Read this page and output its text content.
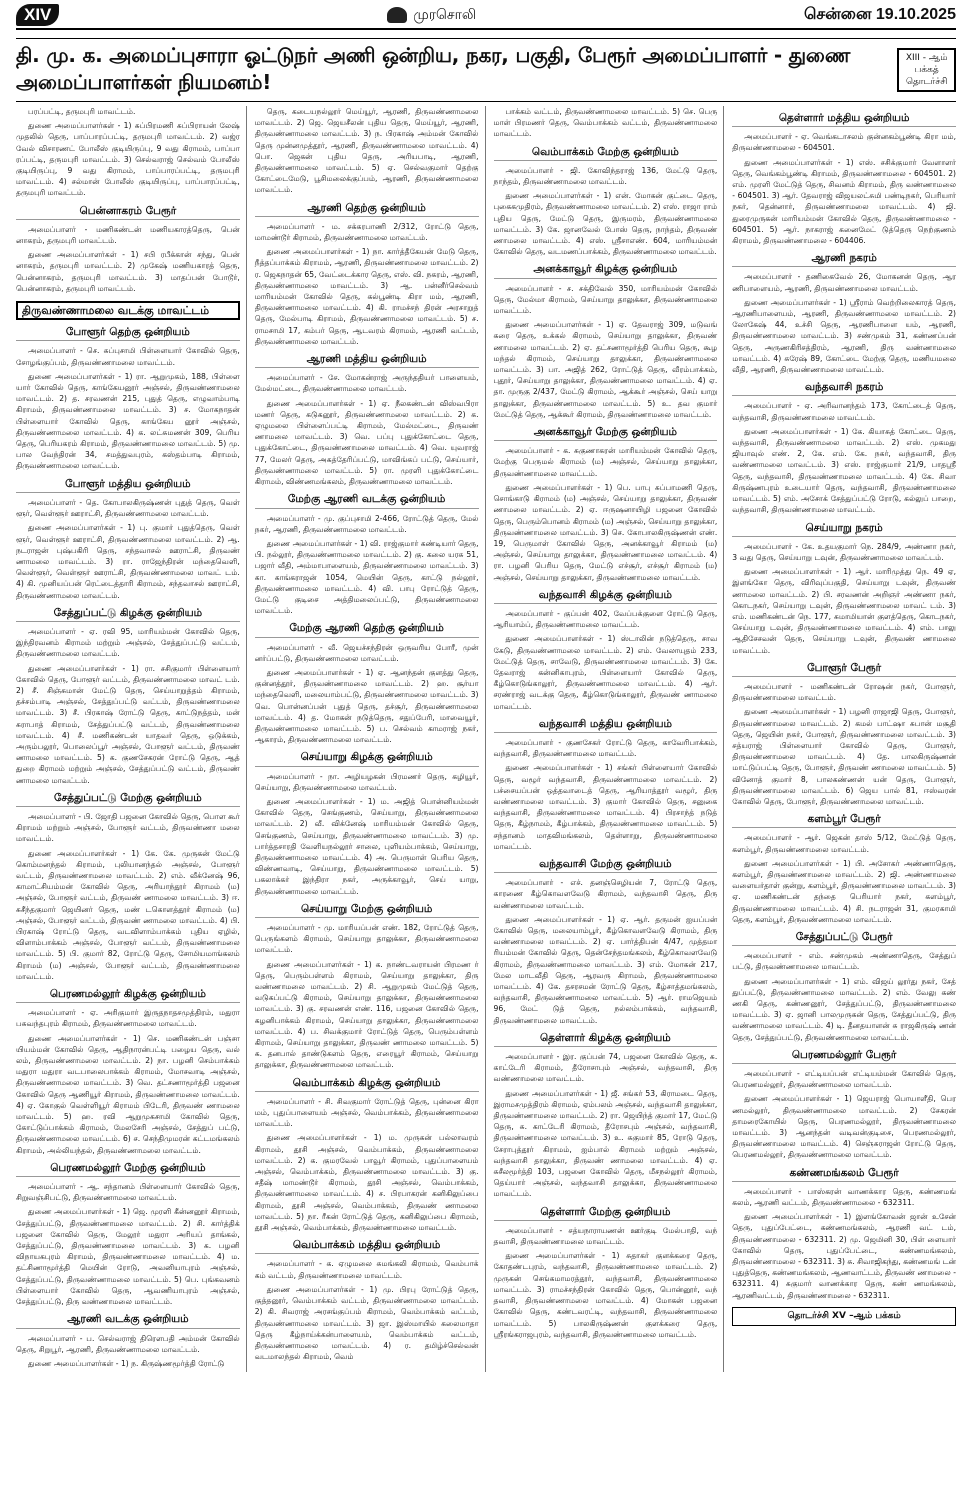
XIV	முரசொலி	சென்னை 19.10.2025
தி. மு. க. அமைப்புசாரா ஓட்டுநர் அணி ஒன்றிய, நகர, பகுதி, பேரூர் அமைப்பாளர் - துணை அமைப்பாளர்கள் நியமனம்!
XIII - ஆம் பக்கத் தொடர்ச்சி

பரப்பட்டி, தருமபுரி மாவட்டம்.

துணை அமைப்பாளர்கள் - 1) சுப்பிரமணி சுப்பிராயன் லேஷ் முதலில் தெரு, பாப்பாரப்பட்டி, தருமபுரி மாவட்டம். 2) வஜ்ர வேல் விசாரணட் போலீஸ் குடியிருப்பு, 9 வது கிராமம், பாப்பா ரப்பட்டி, தருமபுரி மாவட்டம். 3) செல்வராஜ் செல்வம் போலீஸ் குடியிருப்பு, 9 வது கிராமம், பாப்பாரப்பட்டி, தருமபுரி மாவட்டம். 4) சல்மான் போலீஸ் குடியிருப்பு, பாப்பாரப்பட்டி, தருமபுரி மாவட்டம்.

பென்னாகரம் பேரூர்

அமைப்பாளர் - மணிகண்டன் மணியகாரத்தெரு, பென் னாகரம், தருமபுரி மாவட்டம்.

துணை அமைப்பாளர்கள் - 1) சபி ரபீக்கான் சந்து, பென் னாகரம், தருமபுரி மாவட்டம். 2) முகேஷ் மணியகாரத் தெரு, பென்னாகரம், தருமபுரி மாவட்டம். 3) மாதப்பன் போடூர், பென்னாகரம், தருமபுரி மாவட்டம்.

திருவண்ணாமலை வடக்கு மாவட்டம்
போளூர் தெற்கு ஒன்றியம்

அமைப்பாளர் - செ. சுப்புசாமி பிள்ளையார் கோவில் தெரு, சோழங்குப்பம், திருவண்ணாமலை மாவட்டம்.

துணை அமைப்பாளர்கள் - 1) ரா. ஆறுமுகம், 188, பிள்ளை யார் கோவில் தெரு, காங்கேயனூர் அஞ்சல், திருவண்ணாமலை மாவட்டம். 2) த. சரவணன் 215, புதுத் தெரு, எழுவாம்பாடி கிராமம், திருவண்ணாமலை மாவட்டம். 3) ச. மோகநாதன் பிள்ளையார் கோவில் தெரு, காங்கேய னூர் அஞ்சல், திருவண்ணாமலை மாவட்டம். 4) க. லட்சுமணன் 309, பெரிய தெரு, பெரியகரம் கிராமம், திருவண்ணாமலை மாவட்டம். 5) மு. பால வேந்திரன் 34, சமத்துவபுரம், கஸ்தம்பாடி கிராமம், திருவண்ணாமலை மாவட்டம்.

போளூர் மத்திய ஒன்றியம்

அமைப்பாளர் - தெ. கோபாலகிருஷ்ணன் புதுத் தெரு, வெள் ளூர், வெள்ளூர் ஊராட்சி, திருவண்ணாமலை மாவட்டம்.

துணை அமைப்பாளர்கள் - 1) பு. குமார் புதுத்தெரு, வெள் ளூர், வெள்ளூர் ஊராட்சி, திருவண்ணாமலை மாவட்டம். 2) ஆ. நடராஜன் புஷ்பகிரி தெரு, சந்தவாசல் ஊராட்சி, திருவண் ணாமலை மாவட்டம். 3) ரா. ராஜேந்திரன் மந்தைவெளி, வெள்ளூர், வெள்ளூர் ஊராட்சி, திருவண்ணாமலை மாவட் டம். 4) கி. முனியப்பன் ரெட்டைத்தாரி கிராமம், சந்தவாசல் ஊராட்சி, திருவண்ணாமலை மாவட்டம்.

சேத்துப்பட்டு கிழக்கு ஒன்றியம்

அமைப்பாளர் - ஏ. ரவி 95, மாரியம்மன் கோவில் தெரு, இந்திரவனம் கிராமம் மற்றும் அஞ்சல், சேத்துப்பட்டு வட்டம், திருவண்ணாமலை மாவட்டம்.

துணை அமைப்பாளர்கள் - 1) ரா. சசிகுமார் பிள்ளையார் கோவில் தெரு, போளூர் வட்டம், திருவண்ணாமலை மாவட் டம். 2) சீ. சிஞ்சுமான் மேட்டு தெரு, செய்யாறுத்தம் கிராமம், தச்சம்பாடி அஞ்சல், சேத்துப்பட்டு வட்டம், திருவண்ணாமலை மாவட்டம். 3) சீ. பிரகாஷ் ரோட்டு தெரு, காட்டுநத்தம், மன் சுராபாத் கிராமம், சேத்துப்பட்டு வட்டம், திருவண்ணாமலை மாவட்டம். 4) சீ. மணிகண்டன் யாதவர் தெரு, ஒடுக்கம், அரும்பலூர், பொலைப்பூர் அஞ்சல், போளூர் வட்டம், திருவண் ணாமலை மாவட்டம். 5) க. குணசேகரன் ரோட்டு தெரு, ஆத் துறை கிராமம் மற்றும் அஞ்சல், சேத்துப்பட்டு வட்டம், திருவண் ணாமலை மாவட்டம்.

சேத்துப்பட்டு மேற்கு ஒன்றியம்

அமைப்பாளர் - பி. ஜோதி பஜனை கோவில் தெரு, பொள கூர் கிராமம் மற்றும் அஞ்சல், போளூர் வட்டம், திருவண்ணா மலை மாவட்டம்.

துணை அமைப்பாளர்கள் - 1) கே. கே. முருகன் மேட்டு கொம்மனந்தல் கிராமம், புலியானந்தல் அஞ்சல், போளூர் வட்டம், திருவண்ணாமலை மாவட்டம். 2) எம். வீக்னேஷ் 96, காமாட்சியம்மன் கோவில் தெரு, அரியாந்தூர் கிராமம் (ம) அஞ்சல், போளூர் வட்டம், திருவண் ணாமலை மாவட்டம். 3) ஈ. சுசீந்தகுமார் ஜெயினர் தெரு, மண் டகொளத்தூர் கிராமம் (ம) அஞ்சல், போளூர் வட்டம், திருவண் ணாமலை மாவட்டம். 4) பி. பிரகாஷ் ரோட்டு தெரு, வடவிளாம்பாக்கம் புதிய ஏழில், விளாம்பாக்கம் அஞ்சல், போளூர் வட்டம், திருவண்ணாமலை மாவட்டம். 5) பி. குமார் 82, ரோட்டு தெரு, சோமியமாங்கலம் கிராமம் (ம) அஞ்சல், போளூர் வட்டம், திருவண்ணாமலை மாவட்டம்.

பெரணமல்லூர் கிழக்கு ஒன்றியம்

அமைப்பாளர் - ஏ. அரிகுமார் இருதநாதசமுத்திரம், மதுரா பசுவந்தபுரம் கிராமம், திருவண்ணாமலை மாவட்டம்.

துணை அமைப்பாளர்கள் - 1) செ. மணிகண்டன் பஞ்சா யியம்மன் கோவில் தெரு, ஆதிநாரன்பட்டி பழைய தெரு, வல் லம், திருவண்ணாமலை மாவட்டம். 2) நா. பழனி செம்பாக்கம் மதுரா மதுரா வடபாலைபாக்கம் கிராமம், மோசவாடி அஞ்சல், திருவண்ணாமலை மாவட்டம். 3) வெ. தட்சணாமூர்த்தி பஜனை கோவில் தெரு ஆணியூர் கிராமம், திருவண்ணாமலை மாவட்டம். 4) ஏ. கோகுல் வெள்ளியூர் கிராமம் பிடேரி, திருவண் ணாமலை மாவட்டம். 5) ஹ. ரவி ஆறுமுகசாமி கோவில் தெரு, கோட்டுப்பாக்கம் கிராமம், மேலசேரி அஞ்சல், சேத்துப் பட்டு, திருவண்ணாமலை மாவட்டம். 6) ச. செந்திமுமரன் கட்டமங்கலம் கிராமம், அல்லியந்தல், திருவண்ணாமலை மாவட்டம்.

பெரணமல்லூர் மேற்கு ஒன்றியம்

அமைப்பாளர் - ஆ. சந்தானம் பிள்ளையார் கோவில் தெரு, சிறுவஞ்சிபட்டு, திருவண்ணாமலை மாவட்டம்.

துணை அமைப்பாளர்கள் - 1) ஜெ. முரளி கீன்னனூர் கிராமம், சேத்துப்பட்டு, திருவண்ணாமலை மாவட்டம். 2) சி. கார்த்திக் பஜனை கோவில் தெரு, மேலூர் மதுரா அரியப் தாங்கல், சேத்துப்பட்டு, திருவண்ணாமலை மாவட்டம். 3) க. பழனி விநாயகபுரம் கிராமம், திருவண்ணாமலை மாவட்டம். 4) ம. தட்சிணாமூர்த்தி மெயின் ரோடு, அவனியாபுரம் அஞ்சல், சேத்துப்பட்டு, திருவண்ணாமலை மாவட்டம். 5) பெ. புங்கவனம் பிள்ளையார் கோவில் தெரு, ஆவணியாபுரம் அஞ்சல், சேத்துப்பட்டு, திரு வண்ணாமலை மாவட்டம்.

ஆரணி வடக்கு ஒன்றியம்

அமைப்பாளர் - ப. செல்வராஜ் திரௌபதி அம்மன் கோவில் தெரு, சிறுபூர், ஆரணி, திருவண்ணாமலை மாவட்டம்.

துணை அமைப்பாளர்கள் - 1) ந. கிருஷ்ணமூர்த்தி ரோட்டு

தெரு, கடையநல்லூர் மெய்யூர், ஆரணி, திருவண்ணாமலை மாவட்டம். 2) ஜெ. ஜெயசீலன் புதிய தெரு, மெய்யூர், ஆரணி, திருவண்ணாமலை மாவட்டம். 3) ந. பிரகாஷ் அம்மன் கோவில் தெரு முன்னமுத்தூர், ஆரணி, திருவண்ணாமலை மாவட்டம். 4) பொ. ஜெகன் புதிய தெரு, அரியபாடி, ஆரணி, திருவண்ணாமலை மாவட்டம். 5) ஏ. செல்வகுமார் தெற்கு கோட்டைமேடு, பூசிமலைக்குப்பம், ஆரணி, திருவண்ணாமலை மாவட்டம்.

ஆரணி தெற்கு ஒன்றியம்

அமைப்பாளர் - ம. சக்கரபாணி 2/312, ரோட்டு தெரு, மாமண்டூர் கிராமம், திருவண்ணாமலை மாவட்டம்.

துணை அமைப்பாளர்கள் - 1) நா. கார்த்தீகேயன் மேடு தெரு, நீத்தப்பாக்கம் கிராமம், ஆரணி, திருவண்ணாமலை மாவட்டம். 2) ர. ஜெகநாதன் 65, வேட்டைக்கார தெரு, எஸ். வி. நகரம், ஆரணி, திருவண்ணாமலை மாவட்டம். 3) ஆ. பன்னீர்செல்வம் மாரியம்மன் கோவில் தெரு, கல்பூண்டி கிரா மம், ஆரணி, திருவண்ணாமலை மாவட்டம். 4) கி. ராமச்சந் திரன் அரசாறுத் தெரு, மேல்பாடி கிராமம், திருவண்ணாமலை மாவட்டம். 5) ச. ராமசாமி 17, கம்பர் தெரு, ஆடவரம் கிராமம், ஆரணி வட்டம், திருவண்ணாமலை மாவட்டம்.

ஆரணி மத்திய ஒன்றியம்

அமைப்பாளர் - சே. மோகன்ராஜ் அருந்ததியர் பாளையம், மேல்மட்டை, திருவண்ணாமலை மாவட்டம்.

துணை அமைப்பாளர்கள் - 1) ஏ. நீலகண்டன் விஸ்வபிரா மணர் தெரு, கடுகனூர், திருவண்ணாமலை மாவட்டம். 2) க. ஏழுமலை பிள்ளைப்பட்டி கிராமம், மேல்மட்டை, திருவண் ணாமலை மாவட்டம். 3) வெ. பப்பு புதுக்கோட்டை தெரு, புதுக்கோட்டை, திருவண்ணாமலை மாவட்டம். 4) வெ. யுவராஜ் 77, மேலர் தெரு, அகத்தேரிப்பட்டு, மாவிங்கப் பட்டு, செய்யார், திருவண்ணாமலை மாவட்டம். 5) ரா. முரளி புதுக்கோட்டை கிராமம், விண்ணமங்கலம், திருவண்ணாமலை மாவட்டம்.

மேற்கு ஆரணி வடக்கு ஒன்றியம்

அமைப்பாளர் - மு. குப்புசாமி 2-466, ரோட்டுத் தெரு, மேல் நகர், ஆரணி, திருவண்ணாமலை மாவட்டம்.

துணை அமைப்பாளர்கள் - 1) வி. ராஜ்குமார் கண்டியார் தெரு, பி. நல்லூர், திருவண்ணாமலை மாவட்டம். 2) கு. கலை யரசு 51, பஜார் வீதி, அம்மாபாளையம், திருவண்ணாமலை மாவட்டம். 3) கா. காங்கராஜன் 1054, மெயின் தெரு, காட்டு நல்லூர், திருவண்ணாமலை மாவட்டம். 4) வி. பாபு ரோட்டுத் தெரு, மேட்டு குடிசை அத்திமலைப்பட்டு, திருவண்ணாமலை மாவட்டம்.

மேற்கு ஆரணி தெற்கு ஒன்றியம்

அமைப்பாளர் - வீ. ஜெயச்சந்திரன் ஒருவரிய போரீ, முன் னர்ப்பட்டு, திருவண்ணாமலை மாவட்டம்.

துணை அமைப்பாளர்கள் - 1) ஏ. ஆனந்தன் குளத்து தெரு, குன்னத்தூர், திருவண்ணாமலை மாவட்டம். 2) ஹ. சூர்யா மந்தைவெளி, மலையாம்பட்டு, திருவண்ணாமலை மாவட்டம். 3) வெ. பொன்னப்பன் புதுத் தெரு, தச்சூர், திருவண்ணாமலை மாவட்டம். 4) த. மோகன் நடுத்தெரு, சதுப்பேரி, மாவையூர், திருவண்ணாமலை மாவட்டம். 5) ப. செல்வம் காமராஜ் நகர், ஆகாரம், திருவண்ணாமலை மாவட்டம்.

செய்யாறு கிழக்கு ஒன்றியம்

அமைப்பாளர் - நா. அழியழகன் பிரமணர் தெரு, கழியூர், செய்யாறு, திருவண்ணாமலை மாவட்டம்.

துணை அமைப்பாளர்கள் - 1) ம. அஜித் பொன்னியம்மன் கோவில் தெரு, செங்குணம், செய்யாறு, திருவண்ணாமலை மாவட்டம். 2) வீ. விக்னேஷ் மாரியம்மன் கோவில் தெரு, செங்குணம், செய்யாறு, திருவண்ணாமலை மாவட்டம். 3) மு. பார்த்தசாரதி வேளியநல்லூர் சாலை, புளியம்பாக்கம், செய்யாறு, திருவண்ணாமலை மாவட்டம். 4) அ. பெருமாள் பெரிய தெரு, விண்ணவாடி, செய்யாறு, திருவண்ணாமலை மாவட்டம். 5) பகலாக்கர் இந்திரா நகர், அருக்காவூர், செய் யாறு, திருவண்ணாமலை மாவட்டம்.

செய்யாறு மேற்கு ஒன்றியம்

அமைப்பாளர் - மு. மாரியப்பன் எண். 182, ரோட்டுத் தெரு, பெருங்களம் கிராமம், செய்யாறு தாலுக்கா, திருவண்ணாமலை மாவட்டம்.

துணை அமைப்பாளர்கள் - 1) க. நாண்டவராயன் பிரமண ர் தெரு, பெரும்பள்ளம் கிராமம், செய்யாறு தாலுக்கா, திரு வண்ணாமலை மாவட்டம். 2) சி. ஆறுமுகம் மேட்டுத் தெரு, வடுகப்பட்டு கிராமம், செய்யாறு தாலுக்கா, திருவண்ணாமலை மாவட்டம். 3) கு. சரவணன் எண். 116, பஜனை கோவில் தெரு, கழனிபாக்கம் கிராமம், செய்யாறு தாலுக்கா, திருவண்ணாமலை மாவட்டம். 4) ப. சிவக்குமார் ரோட்டுத் தெரு, பெரும்பள்ளம் கிராமம், செய்யாறு தாலுக்கா, திருவண் ணாமலை மாவட்டம். 5) க. தனபால் தாண்டுகளம் தெரு, எரையூர் கிராமம், செய்யாறு தாலுக்கா, திருவண்ணாமலை மாவட்டம்.

வெம்பாக்கம் கிழக்கு ஒன்றியம்

அமைப்பாளர் - சி. சிவகுமார் ரோட்டுத் தெரு, புன்னை கிரா மம், புதுப்பாளையம் அஞ்சல், வெம்பாக்கம், திருவண்ணாமலை மாவட்டம்.

துணை அமைப்பாளர்கள் - 1) ம. முருகன் பல்லாவரம் கிராமம், தூசி அஞ்சல், வெம்பாக்கம், திருவண்ணாமலை மாவட்டம். 2) க. குமரவேல் பாவூர் கிராமம், புதுப்பாளையம் அஞ்சல், வெம்பாக்கம், திருவண்ணாமலை மாவட்டம். 3) கு. சதீஷ் மாமண்டூர் கிராமம், தூசி அஞ்சல், வெம்பாக்கம், திருவண்ணாமலை மாவட்டம். 4) ச. பிரபாகரன் கனிகிலுப்பை கிராமம், தூசி அஞ்சல், வெம்பாக்கம், திருவண் ணாமலை மாவட்டம். 5) நா. ரீகன் ரோட்டுத் தெரு, கனிகிலுப்பை கிராமம், தூசி அஞ்சல், வெம்பாக்கம், திருவண்ணாமலை மாவட்டம்.

வெம்பாக்கம் மத்திய ஒன்றியம்

அமைப்பாளர் - க. ஏழுமலை சுமங்கலி கிராமம், வெம்பாக் கம் வட்டம், திருவண்ணாமலை மாவட்டம்.

துணை அமைப்பாளர்கள் - 1) மு. பிரபு ரோட்டுத் தெரு, குத்தனூர், வெம்பாக்கம் வட்டம், திருவண்ணாமலை மாவட்டம். 2) கி. சிவராஜ் அரசங்குப்பம் கிராமம், வெம்பாக்கம் வட்டம், திருவண்ணாமலை மாவட்டம். 3) ஜா. இஸ்மாயில் கலைமாதா தெரு கீழ்நாய்க்கன்பாளையம், வெம்பாக்கம் வட்டம், திருவண்ணாமலை மாவட்டம். 4) ர. தமிழ்ச்செல்வன் வடமாலந்தல் கிராமம், வெம்

பாக்கம் வட்டம், திருவண்ணாமலை மாவட்டம். 5) செ. பெரு மாள் பிரமணர் தெரு, வெம்பாக்கம் வட்டம், திருவண்ணாமலை மாவட்டம்.

வெம்பாக்கம் மேற்கு ஒன்றியம்

அமைப்பாளர் - ஜி. கோவிந்தராஜ் 136, மேட்டு தெரு, நாந்தம், திருவண்ணாமலை மாவட்டம்.

துணை அமைப்பாளர்கள் - 1) என். மோகன் குட்டை தெரு, புகைகமுதிரம், திருவண்ணாமலை மாவட்டம். 2) எஸ். ராஜா ராம் புதிய தெரு, மேட்டு தெரு, இருமரம், திருவண்ணாமலை மாவட்டம். 3) கே. ஜானவேல் போஸ் தெரு, நாந்தம், திருவண் ணாமலை மாவட்டம். 4) எஸ். ஸ்ரீசாஎண். 604, மாரியம்மன் கோவில் தெரு, வடமணப்பாக்கம், திருவண்ணாமலை மாவட்டம்.

அனக்காவூர் கிழக்கு ஒன்றியம்

அமைப்பாளர் - ச. சக்திவேல் 350, மாரியம்மன் கோவில் தெரு, மேல்மா கிராமம், செய்யாறு தாலுக்கா, திருவண்ணாமலை மாவட்டம்.

துணை அமைப்பாளர்கள் - 1) ஏ. தேவராஜ் 309, மடுவங் கரை தெரு, உக்கல் கிராமம், செய்யாறு தாலுக்கா, திருவண் ணாமலை மாவட்டம். 2) ஏ. தட்சணாமூர்த்தி பெரிய தெரு, கூழ மந்தல் கிராமம், செய்யாறு தாலுக்கா, திருவண்ணாமலை மாவட்டம். 3) பா. அஜித் 262, ரோட்டுத் தெரு, வீரம்பாக்கம், புதூர், செய்யாறு தாலுக்கா, திருவண்ணாமலை மாவட்டம். 4) ஏ. தா. முருகு 2/437, மேட்டு கிராமம், ஆக்கூர் அஞ்சல், செய் யாறு தாலுக்கா, திருவண்ணாமலை மாவட்டம். 5) உ. தவ குமார் மேட்டுத் தெரு, ஆக்கூர் கிராமம், திருவண்ணாமலை மாவட்டம்.

அனக்காவூர் மேற்கு ஒன்றியம்

அமைப்பாளர் - க. சுகுணாகரன் மாரியம்மன் கோவில் தெரு, மேற்கு பெருமல் கிராமம் (ம) அஞ்சல், செய்யாறு தாலுக்கா, திருவண்ணாமலை மாவட்டம்.

துணை அமைப்பாளர்கள் - 1) பெ. பாபு சுப்பாமணி தெரு, சொங்காடு கிராமம் (ம) அஞ்சல், செய்யாறு தாலுக்கா, திருவண் ணாமலை மாவட்டம். 2) ஏ. ஈருஷனாயிழி பஜனை கோவில் தெரு, பெரும்பொனம் கிராமம் (ம) அஞ்சல், செய்யாறு தாலுக்கா, திருவண்ணாமலை மாவட்டம். 3) செ. கோபாலகிருஷ்ணன் எண். 19, பெருமாள் கோவில் தெரு, அனக்காவூர் கிராமம் (ம) அஞ்சல், செய்யாறு தாலுக்கா, திருவண்ணாமலை மாவட்டம். 4) ரா. பழனி பெரிய தெரு, மேட்டு எச்சூர், எச்சூர் கிராமம் (ம) அஞ்சல், செய்யாறு தாலுக்கா, திருவண்ணாமலை மாவட்டம்.

வந்தவாசி கிழக்கு ஒன்றியம்

அமைப்பாளர் - குப்பன் 402, வேப்பக்குளை ரோட்டு தெரு, ஆரியாம்ப், திருவண்ணாமலை மாவட்டம்.

துணை அமைப்பாளர்கள் - 1) ஸ்டாலின் நடுத்தெரு, சாவ கேடு, திருவண்ணாமலை மாவட்டம். 2) எம். வேலாயுதம் 233, மேட்டுத் தெரு, சாவேடு, திருவண்ணாமலை மாவட்டம். 3) கே. தேவராஜ் கன்னிகாபுரம், பிள்ளையார் கோவில் தெரு, கீழ்கொடுங்காலூர், திருவண்ணாமலை மாவட்டம். 4) ஆர். சரண்ராஜ் வடக்கு தெரு, கீழ்கொடுங்காலூர், திருவண் ணாமலை மாவட்டம்.

வந்தவாசி மத்திய ஒன்றியம்

அமைப்பாளர் - குணசேகர் ரோட்டு தெரு, காவேரிபாக்கம், வந்தவாசி, திருவண்ணாமலை மாவட்டம்.

துணை அமைப்பாளர்கள் - 1) சங்கர் பிள்ளையார் கோவில் தெரு, வழூர் வந்தவாசி, திருவண்ணாமலை மாவட்டம். 2) பச்சையப்பன் ஒத்தவாடைத் தெரு, ஆரியாத்தூர் வழூர், திரு வண்ணாமலை மாவட்டம். 3) குமார் கோவில் தெரு, சனுகை வந்தவாசி, திருவண்ணாமலை மாவட்டம். 4) பிரசாந்த் நடுத் தெரு, கீழ்நாமம், கீழ்பாக்கம், திருவண்ணாமலை மாவட்டம். 5) சந்தானம் மாதவிமங்கலம், தெள்ளாறு, திருவண்ணாமலை மாவட்டம்.

வந்தவாசி மேற்கு ஒன்றியம்

அமைப்பாளர் - எச். தனஞ்செழியன் 7, ரோட்டு தெரு, காரணை கீழ்கொவளவேடு கிராமம், வந்தவாசி தெரு, திரு வண்ணாமலை மாவட்டம்.

துணை அமைப்பாளர்கள் - 1) ஏ. ஆர். தருமன் ஐயப்பன் கோவில் தெரு, மலையாம்பூர், கீழ்கொவளவேடு கிராமம், திரு வண்ணாமலை மாவட்டம். 2) ஏ. பார்த்திபன் 4/47, முத்தமா ரியம்மன் கோவில் தெரு, தென்சேந்தமங்கலம், கீழ்கொவளவேடு கிராமம், திருவண்ணாமலை மாவட்டம். 3) எம். மோகன் 217, மேல மாடவீதி தெரு, ஆரவரு கிராமம், திருவண்ணாமலை மாவட்டம். 4) கே. தசரசமன் ரோட்டு தெரு, கீழ்சாத்தமங்கலம், வந்தவாசி, திருவண்ணாமலை மாவட்டம். 5) ஆர். ராமஜெயம் 96, மேட் டுத் தெரு, நல்லம்பாக்கம், வந்தவாசி, திருவண்ணாமலை மாவட்டம்.

தெள்ளார் கிழக்கு ஒன்றியம்

அமைப்பாளர் - இர. குப்பன் 74, பஜனை கோவில் தெரு, சு. காட்டேரி கிராமம், தீரோசாபும் அஞ்சல், வந்தவாசி, திரு வண்ணாமலை மாவட்டம்.

துணை அமைப்பாளர்கள் - 1) ஜீ. சங்கர் 53, கிராமடை தெரு, இராமசமுத்திரம் கிராமம், ஏம்பலம் அஞ்சல், வந்தவாசி தாலுக்கா, திருவண்ணாமலை மாவட்டம். 2) ரா. ஜெயிந்த் குமார் 17, மேட்டு தெரு, சு. காட்டேரி கிராமம், தீரோசபும் அஞ்சல், வந்தவாசி, திருவண்ணாமலை மாவட்டம். 3) உ. சுகுமார் 85, ரோடு தெரு, சேராபுத்தூர் கிராமம், ஐம்பால் கிராமம் மற்றும் அஞ்சல், வந்தவாசி தாலுக்கா, திருவண் ணாமலை மாவட்டம். 4) ஏ. சுசீலமூர்த்தி 103, பஜனை கோவில் தெரு, மீசநல்லூர் கிராமம், தெய்யார் அஞ்சல், வந்தவாசி தாலுக்கா, திருவண்ணாமலை மாவட்டம்.

தெள்ளார் மேற்கு ஒன்றியம்

அமைப்பாளர் - சத்யநாராயணன் ஊர்குடி மேல்பாதி, வந் தவாசி, திருவண்ணாமலை மாவட்டம்.

துணை அமைப்பாளர்கள் - 1) சுதாகர் குளக்கரை தெரு, கோதண்டபுரம், வந்தவாசி, திருவண்ணாமலை மாவட்டம். 2) முருகன் செங்கமாமரத்தூர், வந்தவாசி, திருவண்ணாமலை மாவட்டம். 3) ராமச்சந்திரன் கோவில் தெரு, பொன்னூர், வந் தவாசி, திருவண்ணாமலை மாவட்டம். 4) மோகன் பஜனை கோவில் தெரு, கண்டவரட்டி, வந்தவாசி, திருவண்ணாமலை மாவட்டம். 5) பாலகிருஷ்ணன் குளக்கரை தெரு, ஸ்ரீரங்கராஜபுரம், வந்தவாசி, திருவண்ணாமலை மாவட்டம்.

தெள்ளார் மத்திய ஒன்றியம்

அமைப்பாளர் - ஏ. வெங்கடாசலம் குன்னகம்பூண்டி கிரா மம், திருவண்ணாமலை - 604501.

துணை அமைப்பாளர்கள் - 1) எஸ். சசிக்குமார் வேளாளர் தெரு, வெங்கம்பூண்டி கிராமம், திருவண்ணாமலை - 604501. 2) எம். முரளி மேட்டுத் தெரு, சிவனம் கிராமம், திரு வண்ணாமலை - 604501. 3) ஆர். தேவராஜ் விஜயலட்சுமி பண்டிநகர், பெரியார் நகர், தென்னார், திருவண்ணாமலை மாவட்டம். 4) ஜி. துரைமுருகன் மாரியம்மன் கோவில் தெரு, திருவண்ணாமலை - 604501. 5) ஆர். நாகராஜ் கனைமேட் டுத்தெரு நெற்குணம் கிராமம், திருவண்ணாமலை - 604406.

ஆரணி நகரம்

அமைப்பாளர் - தணிகைவேல் 26, மோகனன் தெரு, ஆர ணிபாளையம், ஆரணி, திருவண்ணாமலை மாவட்டம்.

துணை அமைப்பாளர்கள் - 1) ஸ்ரீராம் வெற்றிலைகாரத் தெரு, ஆரணிபாளையம், ஆரணி, திருவண்ணாமலை மாவட்டம். 2) லோகேஷ் 44, உச்சி தெரு, ஆரணிபாளை யம், ஆரணி, திருவண்ணாமலை மாவட்டம். 3) சண்முகம் 31, கண்ணப்பன் தெரு, அருணகிரிசத்திரம், ஆரணி, திரு வண்ணாமலை மாவட்டம். 4) சுரேஷ் 89, கோட்டை மேற்கு தெரு, மணியமலை வீதி, ஆரணி, திருவண்ணாமலை மாவட்டம்.

வந்தவாசி நகரம்

அமைப்பாளர் - ஏ. அரிவானந்தம் 173, கோட்டைத் தெரு, வந்தவாசி, திருவண்ணாமலை மாவட்டம்.

துணை அமைப்பாளர்கள் - 1) கே. கியாசுத் கோட்டை தெரு, வந்தவாசி, திருவண்ணாமலை மாவட்டம். 2) எஸ். முகமது ஜியாவுல் எண். 2, கே. எம். கே. நகர், வந்தவாசி, திரு வண்ணாமலை மாவட்டம். 3) எஸ். ராஜ்குமார் 21/9, பாதஸ்ரீ தெரு, வந்தவாசி, திருவண்ணாமலை மாவட்டம். 4) கே. சிவா கிருஷ்ணபுரம் உடையார் தெரு, வந்தவாசி, திருவண்ணாமலை மாவட்டம். 5) எம். அசோக் சேத்துப்பட்டு ரோடு, கல்லுப் பாறை, வந்தவாசி, திருவண்ணாமலை மாவட்டம்.

செய்யாறு நகரம்

அமைப்பாளர் - கே. உதயகுமார் நெ. 284/9, அண்ணா நகர், 3 வது தெரு, செய்யாறு டவுன், திருவண்ணாமலை மாவட்டம்.

துணை அமைப்பாளர்கள் - 1) ஆர். மாரிமுத்து நெ. 49 ஏ, இளங்கோ தெரு, விரிவுப்பகுதி, செய்யாறு டவுன், திருவண் ணாமலை மாவட்டம். 2) பி. சரவணன் அறிஞர் அண்ணா நகர், கொடநகர், செய்யாறு டவுன், திருவண்ணாமலை மாவட் டம். 3) எம். மணிகண்டன் நெ. 177, சுமாமியான் குளத்தெரு, கொடநகர், செய்யாறு டவுன், திருவண்ணாமலை மாவட்டம். 4) எம். பாலு ஆதிசேசவன் தெரு, செய்யாறு டவுன், திருவண் ணாமலை மாவட்டம்.

போளூர் பேரூர்

அமைப்பாளர் - மணிகண்டன் ரோஷன் நகர், போளூர், திருவண்ணாமலை மாவட்டம்.

துணை அமைப்பாளர்கள் - 1) பழனி ராஜாஜி தெரு, போளூர், திருவண்ணாமலை மாவட்டம். 2) கமல் பாட்ஷா சுபான் மசூதி தெரு, ஜெயின் நகர், போளூர், திருவண்ணாமலை மாவட்டம். 3) சத்யராஜ் பிள்ளையார் கோவில் தெரு, போளூர், திருவண்ணாமலை மாவட்டம். 4) தே. பாலகிருஷ்ணன் மாட்டுப்பட்டி தெரு, போளூர், திருவண் ணாமலை மாவட்டம். 5) வினோத் குமார் 8, பாலகண்ணன் யன் தெரு, போளூர், திருவண்ணாமலை மாவட்டம். 6) ஜெய பால் 81, ஈஸ்வரன் கோவில் தெரு, போளூர், திருவண்ணாமலை மாவட்டம்.

களம்பூர் பேரூர்

அமைப்பாளர் - ஆர். ஜெகன் தாஸ் 5/12, மேட்டுத் தெரு, களம்பூர், திருவண்ணாமலை மாவட்டம்.

துணை அமைப்பாளர்கள் - 1) பி. அசோகர் அண்ணாதெரு, களம்பூர், திருவண்ணாமலை மாவட்டம். 2) ஜி. அண்ணாமலை வளையர்தாள் குன்று, களம்பூர், திருவண்ணாமலை மாவட்டம். 3) ஏ. மணிகண்டன் தந்தை பெரியார் நகர், களம்பூர், திருவண்ணாமலை மாவட்டம். 4) சி. நடராஜன் 31, குமரகாமி தெரு, களம்பூர், திருவண்ணாமலை மாவட்டம்.

சேத்துப்பட்டு பேரூர்

அமைப்பாளர் - எம். சண்முகம் அண்ணாதெரு, சேத்துப் பட்டு, திருவண்ணாமலை மாவட்டம்.

துணை அமைப்பாளர்கள் - 1) எம். விஜய் லூர்து நகர், சேத் துப்பட்டு, திருவண்ணாமலை மாவட்டம். 2) எம். வேலு கண் ணகி தெரு, கண்ணனூர், சேத்துப்பட்டு, திருவண்ணாமலை மாவட்டம். 3) ஏ. ஜானி பாலமுருகன் தெரு, சேத்துப்பட்டு, திரு வண்ணாமலை மாவட்டம். 4) டி. தீனதயாளன் சு ராஜகிருஷ் ணன் தெரு, சேத்துப்பட்டு, திருவண்ணாமலை மாவட்டம்.

பெரணமல்லூர் பேரூர்

அமைப்பாளர் - எட்டியப்பன் எட்டியம்மன் கோவில் தெரு, பெரணமல்லூர், திருவண்ணாமலை மாவட்டம்.

துணை அமைப்பாளர்கள் - 1) ஜெயராஜ் பொயாளீதி, பெர ணமல்லூர், திருவண்ணாமலை மாவட்டம். 2) சேகரன் தாமரைகோயில் தெரு, பெரணமல்லூர், திருவண்ணாமலை மாவட்டம். 3) ஆனந்தன் வடிவன்குடிசை, பெரணமல்லூர், திருவண்ணாமலை மாவட்டம். 4) செஞ்சுராஜன் ரோட்டு தெரு, பெரணமல்லூர், திருவண்ணாமலை மாவட்டம்.

கண்ணமங்கலம் பேரூர்

அமைப்பாளர் - பாஸ்கரன் வாணக்கார தெரு, கண்ணமங் கலம், ஆரணி வட்டம், திருவண்ணாமலை - 632311.

துணை அமைப்பாளர்கள் - 1) இளங்கோவன் ஜான் உசேன் தெரு, புதுப்பேட்டை, கண்ணமங்கலம், ஆரணி வட் டம், திருவண்ணாமலை - 632311. 2) மு. ஜெமினி 30, பிள் ளையார் கோவில் தெரு, புதுப்பேட்டை, கண்ணமங்கலம், திருவண்ணாமலை - 632311. 3) சு. சிவாஜிகந்து, கண்ணமங் டன் புதுத்தெரு, கண்ணமங்கலம், ஆணவாட்டம், திருவண் ணாமலை - 632311. 4) சுகுமார் வாணக்கார தெரு, கண் ணமங்கலம், ஆரணிவட்டம், திருவண்ணாமலை - 632311.

தொடர்ச்சி XV –ஆம் பக்கம்
